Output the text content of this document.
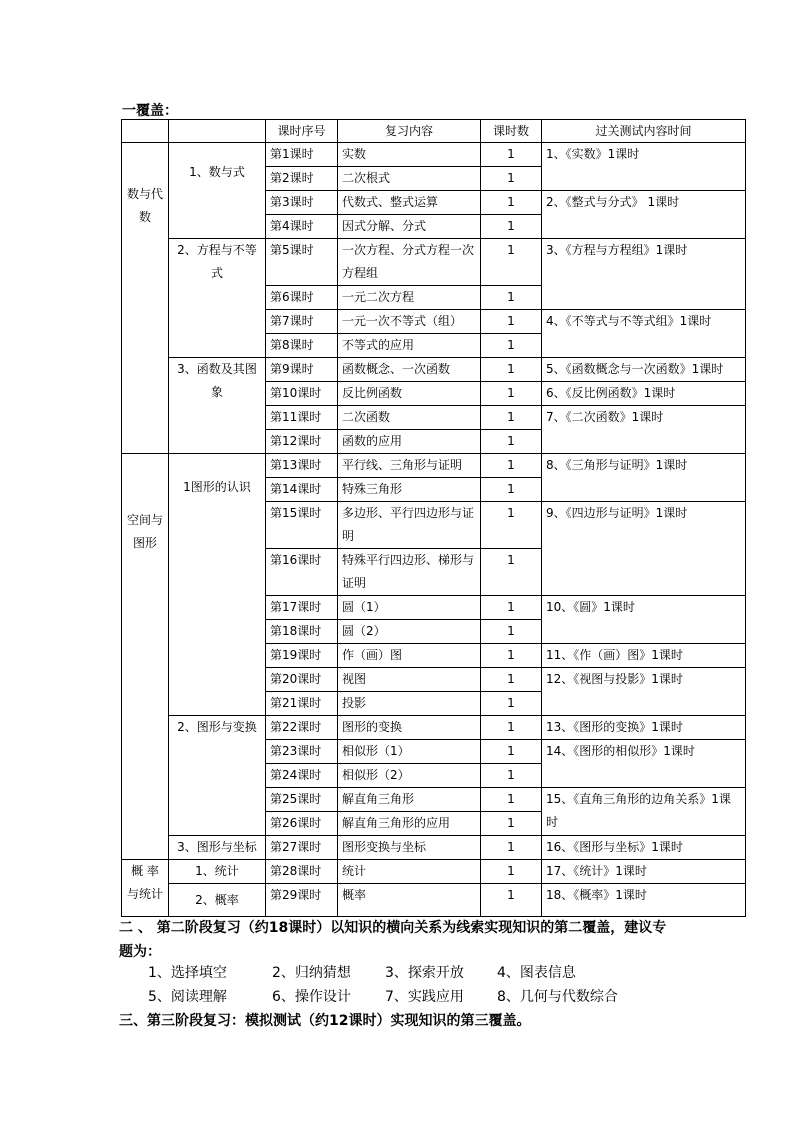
一覆盖：
		课时序号	复习内容	课时数	过关测试内容时间
数与代数	1、数与式	第1课时	实数	1	1、《实数》1课时
		第2课时	二次根式	1	
		第3课时	代数式、整式运算	1	2、《整式与分式》 1课时
		第4课时	因式分解、分式	1	
	2、方程与不等式	第5课时	一次方程、分式方程一次方程组	1	3、《方程与方程组》1课时
		第6课时	一元二次方程	1	
		第7课时	一元一次不等式（组）	1	4、《不等式与不等式组》1课时
		第8课时	不等式的应用	1	
	3、函数及其图象	第9课时	函数概念、一次函数	1	5、《函数概念与一次函数》1课时
		第10课时	反比例函数	1	6、《反比例函数》1课时
		第11课时	二次函数	1	7、《二次函数》1课时
		第12课时	函数的应用	1	
空间与图形	1图形的认识	第13课时	平行线、三角形与证明	1	8、《三角形与证明》1课时
		第14课时	特殊三角形	1	
		第15课时	多边形、平行四边形与证明	1	9、《四边形与证明》1课时
		第16课时	特殊平行四边形、梯形与证明	1	
		第17课时	圆（1）	1	10、《圆》1课时
		第18课时	圆（2）	1	
		第19课时	作（画）图	1	11、《作（画）图》1课时
		第20课时	视图	1	12、《视图与投影》1课时
		第21课时	投影	1	
	2、图形与变换	第22课时	图形的变换	1	13、《图形的变换》1课时
		第23课时	相似形（1）	1	14、《图形的相似形》1课时
		第24课时	相似形（2）	1	
		第25课时	解直角三角形	1	15、《直角三角形的边角关系》1课时
		第26课时	解直角三角形的应用	1	
	3、图形与坐标	第27课时	图形变换与坐标	1	16、《图形与坐标》1课时
概 率与统计	1、统计	第28课时	统计	1	17、《统计》1课时
	2、概率	第29课时	概率	1	18、《概率》1课时
二 、 第二阶段复习（约18课时）以知识的横向关系为线索实现知识的第二覆盖，建议专
题为：
1、选择填空	2、归纳猜想 3、探索开放 4、图表信息
5、阅读理解	6、操作设计 7、实践应用 8、几何与代数综合
三、第三阶段复习：模拟测试（约12课时）实现知识的第三覆盖。
